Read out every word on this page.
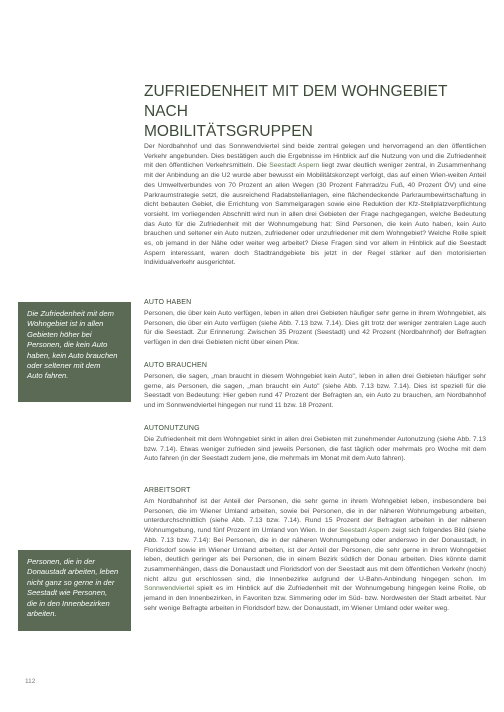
ZUFRIEDENHEIT MIT DEM WOHNGEBIET NACH
MOBILITÄTSGRUPPEN

Der Nordbahnhof und das Sonnwendviertel sind beide zentral gelegen und hervorragend an den öffentlichen Verkehr angebunden. Dies bestätigen auch die Ergebnisse im Hinblick auf die Nutzung von und die Zufriedenheit mit den öffentlichen Verkehrsmitteln. Die Seestadt Aspern liegt zwar deutlich weniger zentral, in Zusammenhang mit der Anbindung an die U2 wurde aber bewusst ein Mobilitätskonzept verfolgt, das auf einen Wien-weiten Anteil des Umweltverbundes von 70 Prozent an allen Wegen (30 Prozent Fahrrad/zu Fuß, 40 Prozent ÖV) und eine Parkraumstrategie setzt, die ausreichend Radabstellanlagen, eine flächendeckende Parkraumbewirtschaftung in dicht bebauten Gebiet, die Errichtung von Sammelgaragen sowie eine Reduktion der Kfz-Stellplatzverpflichtung vorsieht. Im vorliegenden Abschnitt wird nun in allen drei Gebieten der Frage nachgegangen, welche Bedeutung das Auto für die Zufriedenheit mit der Wohnumgebung hat: Sind Personen, die kein Auto haben, kein Auto brauchen und seltener ein Auto nutzen, zufriedener oder unzufriedener mit dem Wohngebiet? Welche Rolle spielt es, ob jemand in der Nähe oder weiter weg arbeitet? Diese Fragen sind vor allem in Hinblick auf die Seestadt Aspern interessant, waren doch Stadtrandgebiete bis jetzt in der Regel stärker auf den motorisierten Individualverkehr ausgerichtet.

AUTO HABEN

Personen, die über kein Auto verfügen, leben in allen drei Gebieten häufiger sehr gerne in ihrem Wohngebiet, als Personen, die über ein Auto verfügen (siehe Abb. 7.13 bzw. 7.14). Dies gilt trotz der weniger zentralen Lage auch für die Seestadt. Zur Erinnerung: Zwischen 35 Prozent (Seestadt) und 42 Prozent (Nordbahnhof) der Befragten verfügen in den drei Gebieten nicht über einen Pkw.

AUTO BRAUCHEN

Personen, die sagen, „man braucht in diesem Wohngebiet kein Auto", leben in allen drei Gebieten häufiger sehr gerne, als Personen, die sagen, „man braucht ein Auto" (siehe Abb. 7.13 bzw. 7.14). Dies ist speziell für die Seestadt von Bedeutung: Hier geben rund 47 Prozent der Befragten an, ein Auto zu brauchen, am Nordbahnhof und im Sonnwendviertel hingegen nur rund 11 bzw. 18 Prozent.

AUTONUTZUNG

Die Zufriedenheit mit dem Wohngebiet sinkt in allen drei Gebieten mit zunehmender Autonutzung (siehe Abb. 7.13 bzw. 7.14). Etwas weniger zufrieden sind jeweils Personen, die fast täglich oder mehrmals pro Woche mit dem Auto fahren (in der Seestadt zudem jene, die mehrmals im Monat mit dem Auto fahren).

ARBEITSORT

Am Nordbahnhof ist der Anteil der Personen, die sehr gerne in ihrem Wohngebiet leben, insbesondere bei Personen, die im Wiener Umland arbeiten, sowie bei Personen, die in der näheren Wohnumgebung arbeiten, unterdurchschnittlich (siehe Abb. 7.13 bzw. 7.14). Rund 15 Prozent der Befragten arbeiten in der näheren Wohnumgebung, rund fünf Prozent im Umland von Wien. In der Seestadt Aspern zeigt sich folgendes Bild (siehe Abb. 7.13 bzw. 7.14): Bei Personen, die in der näheren Wohnumgebung oder anderswo in der Donaustadt, in Floridsdorf sowie im Wiener Umland arbeiten, ist der Anteil der Personen, die sehr gerne in ihrem Wohngebiet leben, deutlich geringer als bei Personen, die in einem Bezirk südlich der Donau arbeiten. Dies könnte damit zusammenhängen, dass die Donaustadt und Floridsdorf von der Seestadt aus mit dem öffentlichen Verkehr (noch) nicht allzu gut erschlossen sind, die Innenbezirke aufgrund der U-Bahn-Anbindung hingegen schon. Im Sonnwendviertel spielt es im Hinblick auf die Zufriedenheit mit der Wohnumgebung hingegen keine Rolle, ob jemand in den Innenbezirken, in Favoriten bzw. Simmering oder im Süd- bzw. Nordwesten der Stadt arbeitet. Nur sehr wenige Befragte arbeiten in Floridsdorf bzw. der Donaustadt, im Wiener Umland oder weiter weg.

Die Zufriedenheit mit dem
Wohngebiet ist in allen
Gebieten höher bei
Personen, die kein Auto
haben, kein Auto brauchen
oder seltener mit dem
Auto fahren.
Personen, die in der
Donaustadt arbeiten, leben
nicht ganz so gerne in der
Seestadt wie Personen,
die in den Innenbezirken
arbeiten.
112
